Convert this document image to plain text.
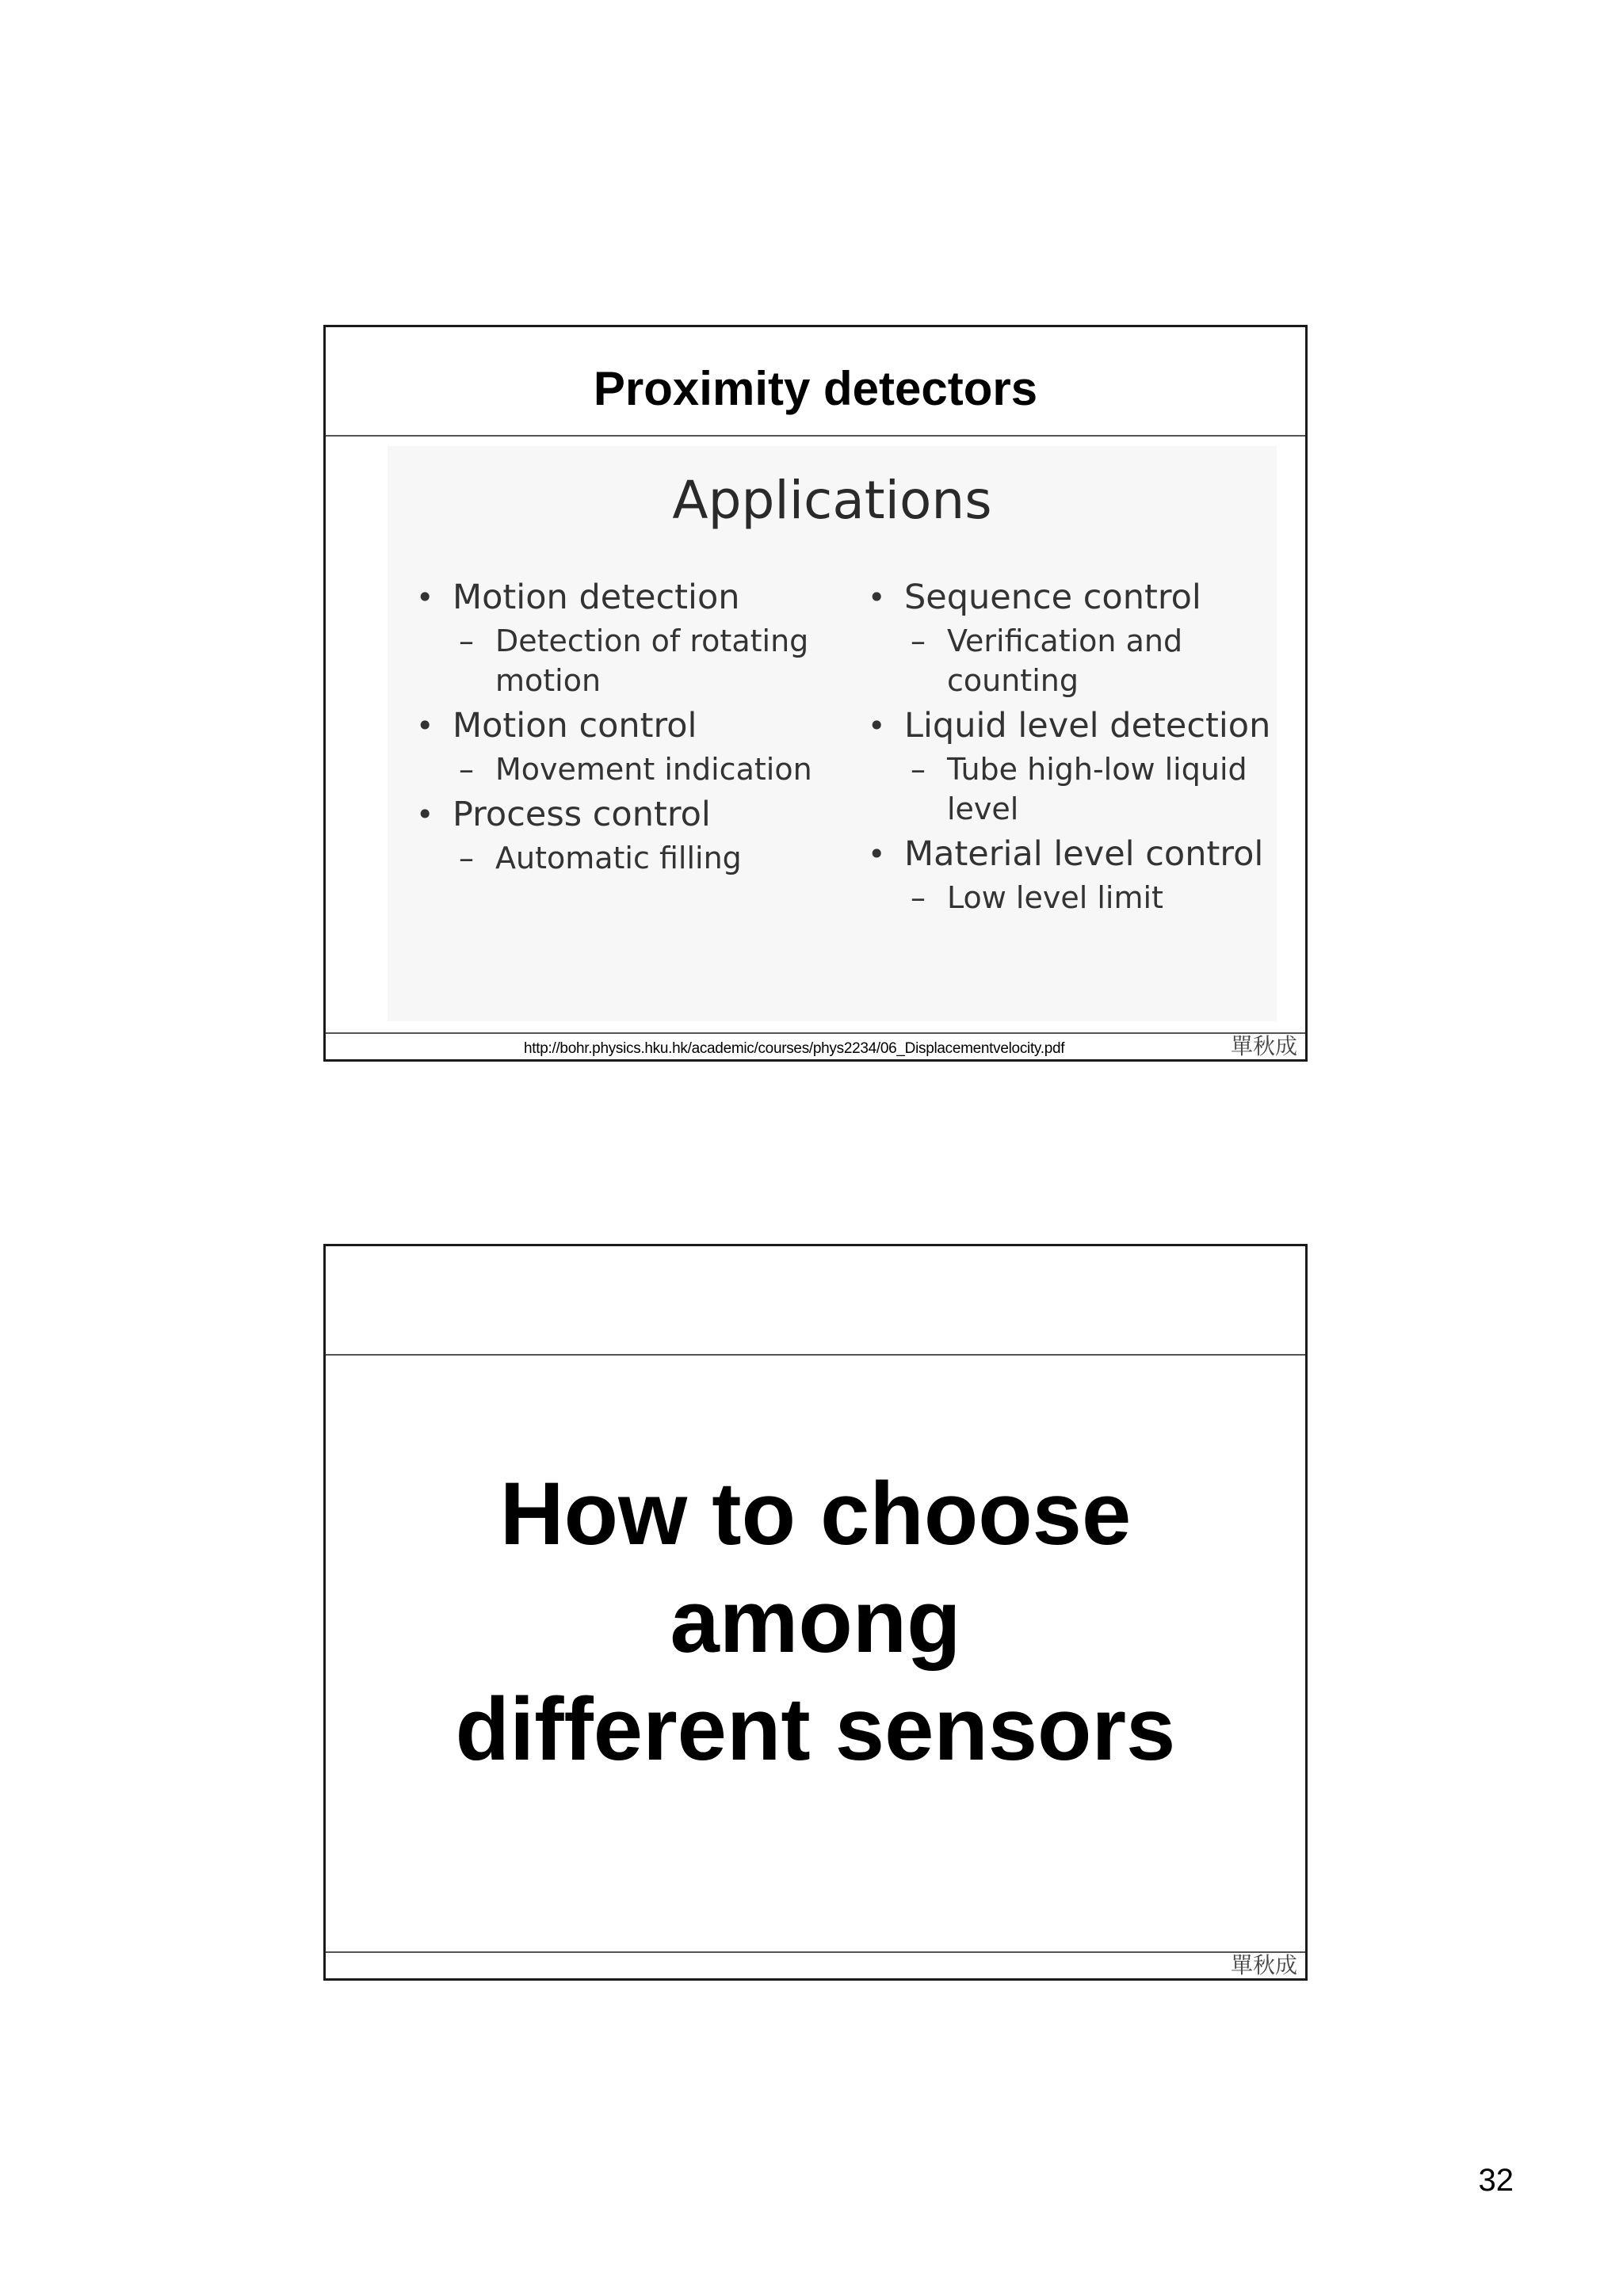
Proximity detectors
Applications
• Motion detection
– Detection of rotating motion
• Motion control
– Movement indication
• Process control
– Automatic filling
• Sequence control
– Verification and counting
• Liquid level detection
– Tube high-low liquid level
• Material level control
– Low level limit
http://bohr.physics.hku.hk/academic/courses/phys2234/06_Displacementvelocity.pdf	單秋成
How to choose
among
different sensors
單秋成
32
